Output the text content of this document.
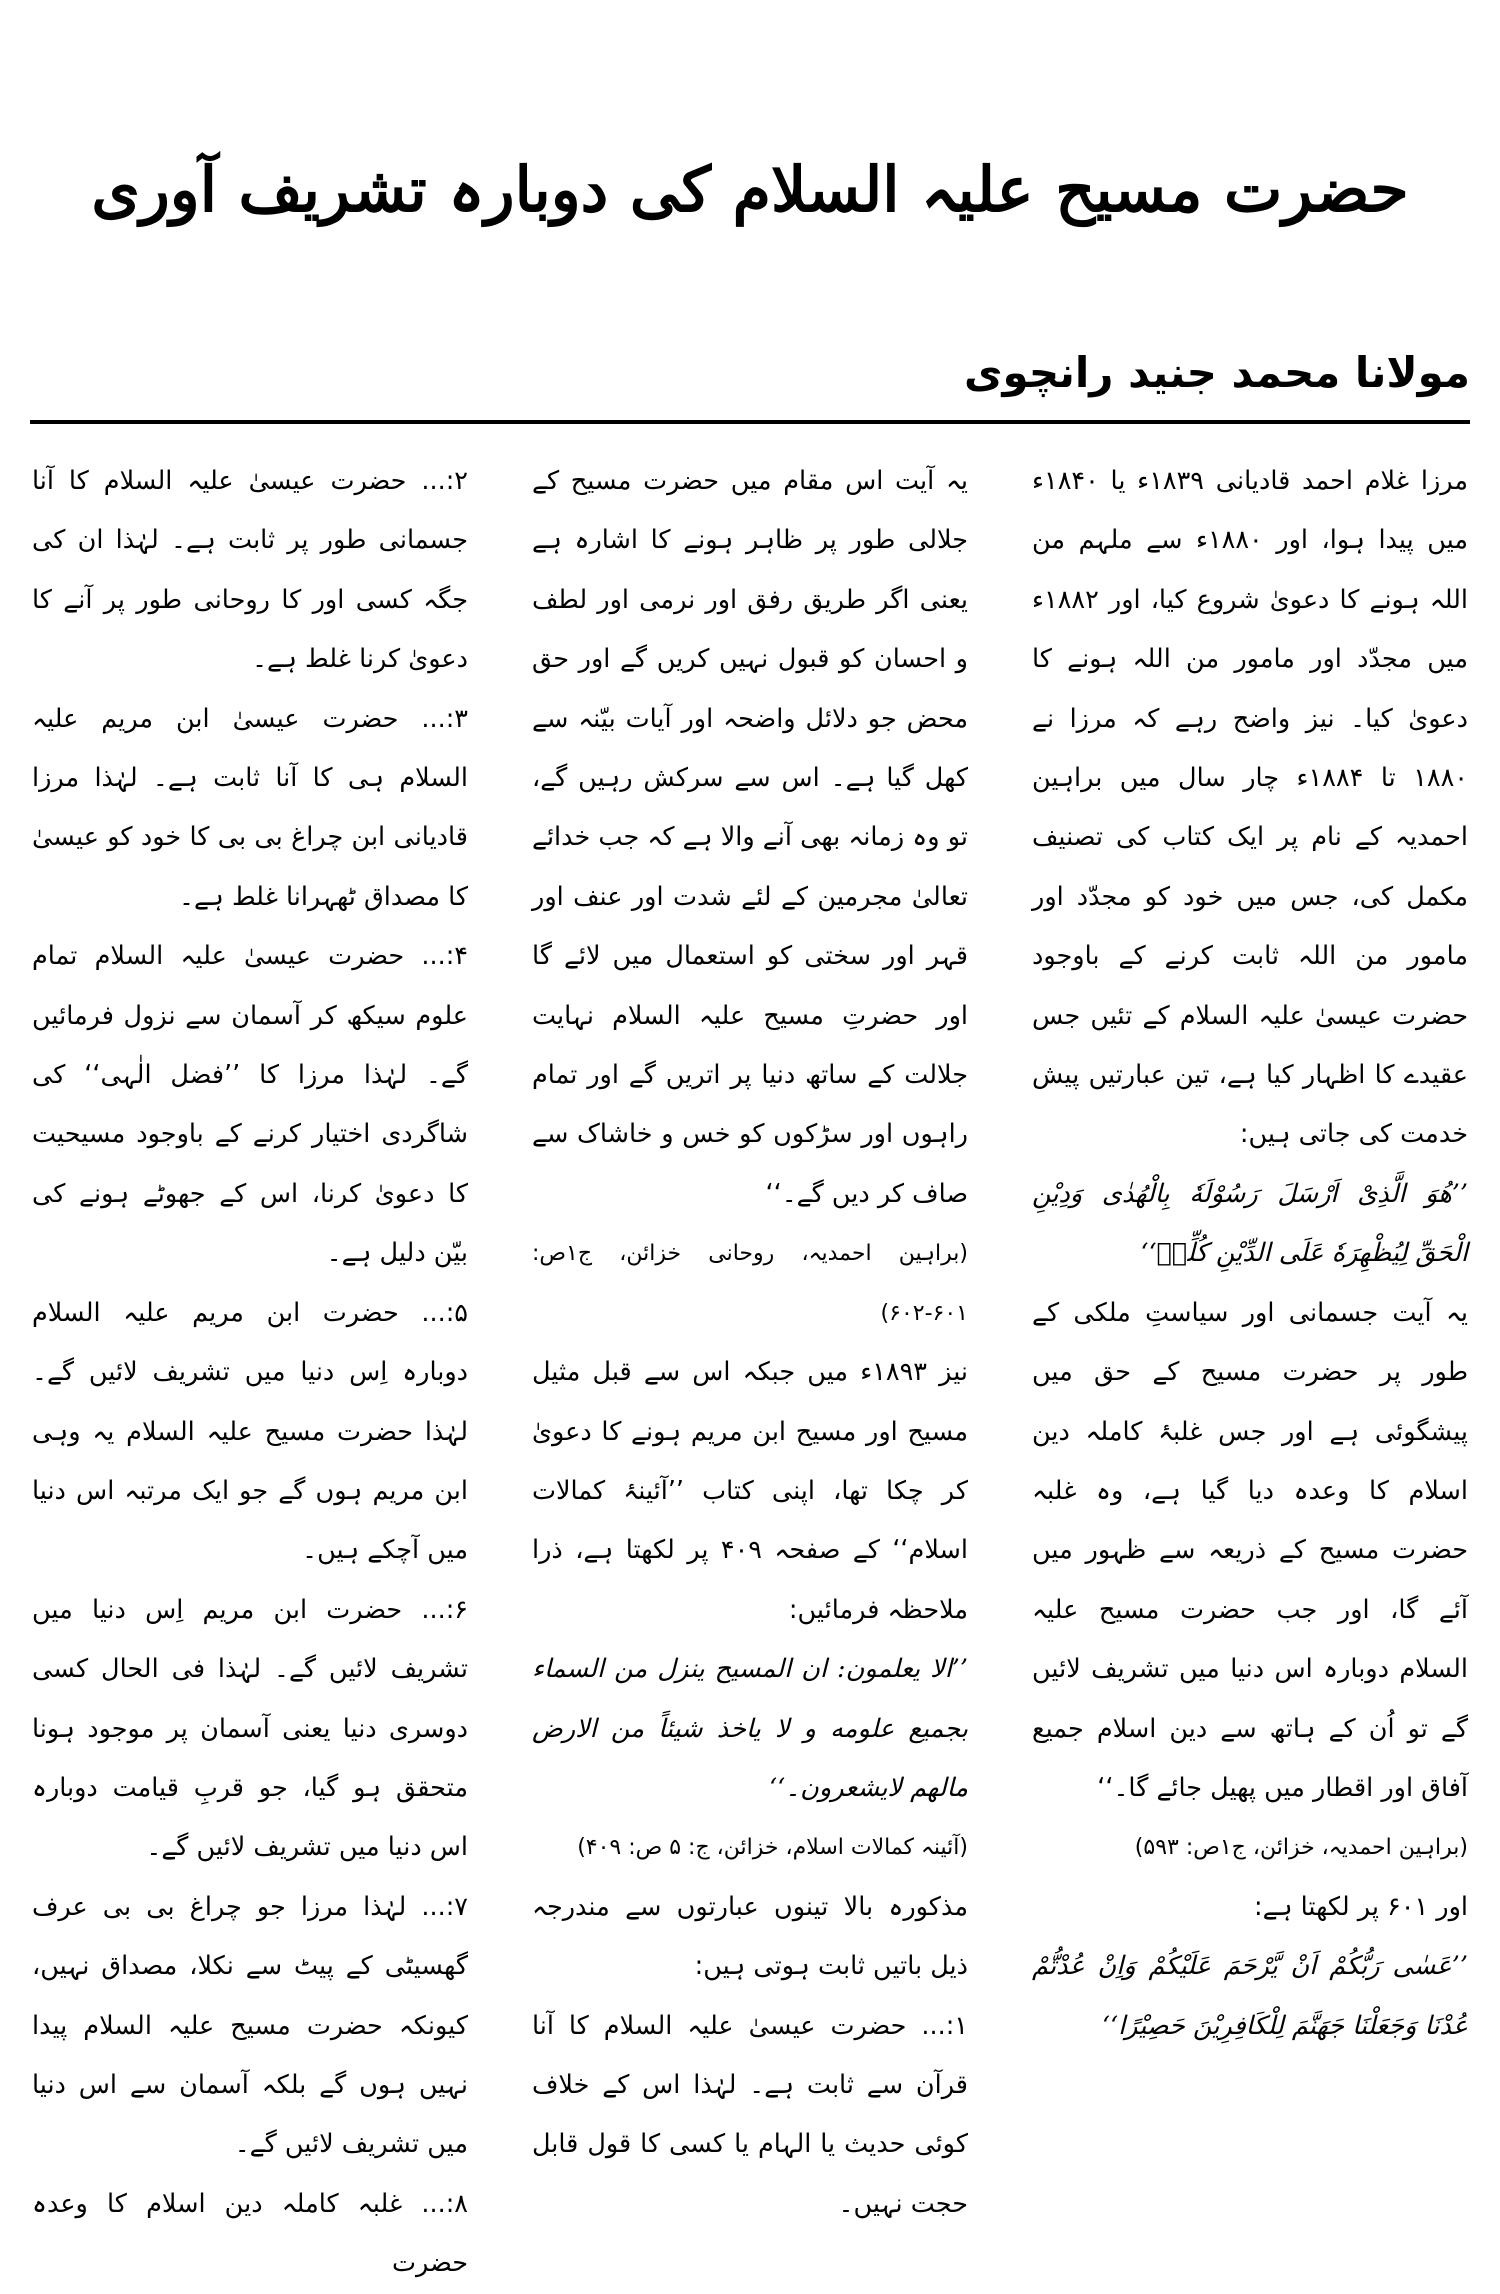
حضرت مسیح علیہ السلام کی دوبارہ تشریف آوری
مولانا محمد جنید رانچوی

مرزا غلام احمد قادیانی ۱۸۳۹ء یا ۱۸۴۰ء میں پیدا ہوا، اور ۱۸۸۰ء سے ملہم من اللہ ہونے کا دعویٰ شروع کیا، اور ۱۸۸۲ء میں مجدّد اور مامور من اللہ ہونے کا دعویٰ کیا۔ نیز واضح رہے کہ مرزا نے ۱۸۸۰ تا ۱۸۸۴ء چار سال میں براہین احمدیہ کے نام پر ایک کتاب کی تصنیف مکمل کی، جس میں خود کو مجدّد اور مامور من اللہ ثابت کرنے کے باوجود حضرت عیسیٰ علیہ السلام کے تئیں جس عقیدے کا اظہار کیا ہے، تین عبارتیں پیش خدمت کی جاتی ہیں:

’’هُوَ الَّذِیْ اَرْسَلَ رَسُوْلَهٗ بِالْهُدٰی وَدِیْنِ الْحَقِّ لِیُظْهِرَهٗ عَلَی الدِّیْنِ كُلِّهٖ‘‘

یہ آیت جسمانی اور سیاستِ ملکی کے طور پر حضرت مسیح کے حق میں پیشگوئی ہے اور جس غلبۂ کاملہ دین اسلام کا وعدہ دیا گیا ہے، وہ غلبہ حضرت مسیح کے ذریعہ سے ظہور میں آئے گا، اور جب حضرت مسیح علیہ السلام دوبارہ اس دنیا میں تشریف لائیں گے تو اُن کے ہاتھ سے دین اسلام جمیع آفاق اور اقطار میں پھیل جائے گا۔‘‘

(براہین احمدیہ، خزائن، ج۱ص: ۵۹۳)

اور ۶۰۱ پر لکھتا ہے:

’’عَسٰی رَبُّكُمْ اَنْ یَّرْحَمَ عَلَیْكُمْ وَاِنْ عُدْتُّمْ عُدْنَا وَجَعَلْنَا جَهَنَّمَ لِلْكَافِرِیْنَ حَصِیْرًا‘‘

یہ آیت اس مقام میں حضرت مسیح کے جلالی طور پر ظاہر ہونے کا اشارہ ہے یعنی اگر طریق رفق اور نرمی اور لطف و احسان کو قبول نہیں کریں گے اور حق محض جو دلائل واضحہ اور آیات بیّنہ سے کھل گیا ہے۔ اس سے سرکش رہیں گے، تو وہ زمانہ بھی آنے والا ہے کہ جب خدائے تعالیٰ مجرمین کے لئے شدت اور عنف اور قہر اور سختی کو استعمال میں لائے گا اور حضرتِ مسیح علیہ السلام نہایت جلالت کے ساتھ دنیا پر اتریں گے اور تمام راہوں اور سڑکوں کو خس و خاشاک سے صاف کر دیں گے۔‘‘

(براہین احمدیہ، روحانی خزائن، ج۱ص: ۶۰۱-۶۰۲)

نیز ۱۸۹۳ء میں جبکہ اس سے قبل مثیل مسیح اور مسیح ابن مریم ہونے کا دعویٰ کر چکا تھا، اپنی کتاب ’’آئینۂ کمالات اسلام‘‘ کے صفحہ ۴۰۹ پر لکھتا ہے، ذرا ملاحظہ فرمائیں:

’’الا یعلمون: ان المسیح ینزل من السماء بجمیع علومه و لا یاخذ شیئاً من الارض مالهم لایشعرون۔‘‘

(آئینہ کمالات اسلام، خزائن، ج: ۵ ص: ۴۰۹)

مذکورہ بالا تینوں عبارتوں سے مندرجہ ذیل باتیں ثابت ہوتی ہیں:

۱:... حضرت عیسیٰ علیہ السلام کا آنا قرآن سے ثابت ہے۔ لہٰذا اس کے خلاف کوئی حدیث یا الہام یا کسی کا قول قابل حجت نہیں۔

۲:... حضرت عیسیٰ علیہ السلام کا آنا جسمانی طور پر ثابت ہے۔ لہٰذا ان کی جگہ کسی اور کا روحانی طور پر آنے کا دعویٰ کرنا غلط ہے۔

۳:... حضرت عیسیٰ ابن مریم علیہ السلام ہی کا آنا ثابت ہے۔ لہٰذا مرزا قادیانی ابن چراغ بی بی کا خود کو عیسیٰ کا مصداق ٹھہرانا غلط ہے۔

۴:... حضرت عیسیٰ علیہ السلام تمام علوم سیکھ کر آسمان سے نزول فرمائیں گے۔ لہٰذا مرزا کا ’’فضل الٰہی‘‘ کی شاگردی اختیار کرنے کے باوجود مسیحیت کا دعویٰ کرنا، اس کے جھوٹے ہونے کی بیّن دلیل ہے۔

۵:... حضرت ابن مریم علیہ السلام دوبارہ اِس دنیا میں تشریف لائیں گے۔ لہٰذا حضرت مسیح علیہ السلام یہ وہی ابن مریم ہوں گے جو ایک مرتبہ اس دنیا میں آچکے ہیں۔

۶:... حضرت ابن مریم اِس دنیا میں تشریف لائیں گے۔ لہٰذا فی الحال کسی دوسری دنیا یعنی آسمان پر موجود ہونا متحقق ہو گیا، جو قربِ قیامت دوبارہ اس دنیا میں تشریف لائیں گے۔

۷:... لہٰذا مرزا جو چراغ بی بی عرف گھسیٹی کے پیٹ سے نکلا، مصداق نہیں، کیونکہ حضرت مسیح علیہ السلام پیدا نہیں ہوں گے بلکہ آسمان سے اس دنیا میں تشریف لائیں گے۔

۸:... غلبہ کاملہ دین اسلام کا وعدہ حضرت
